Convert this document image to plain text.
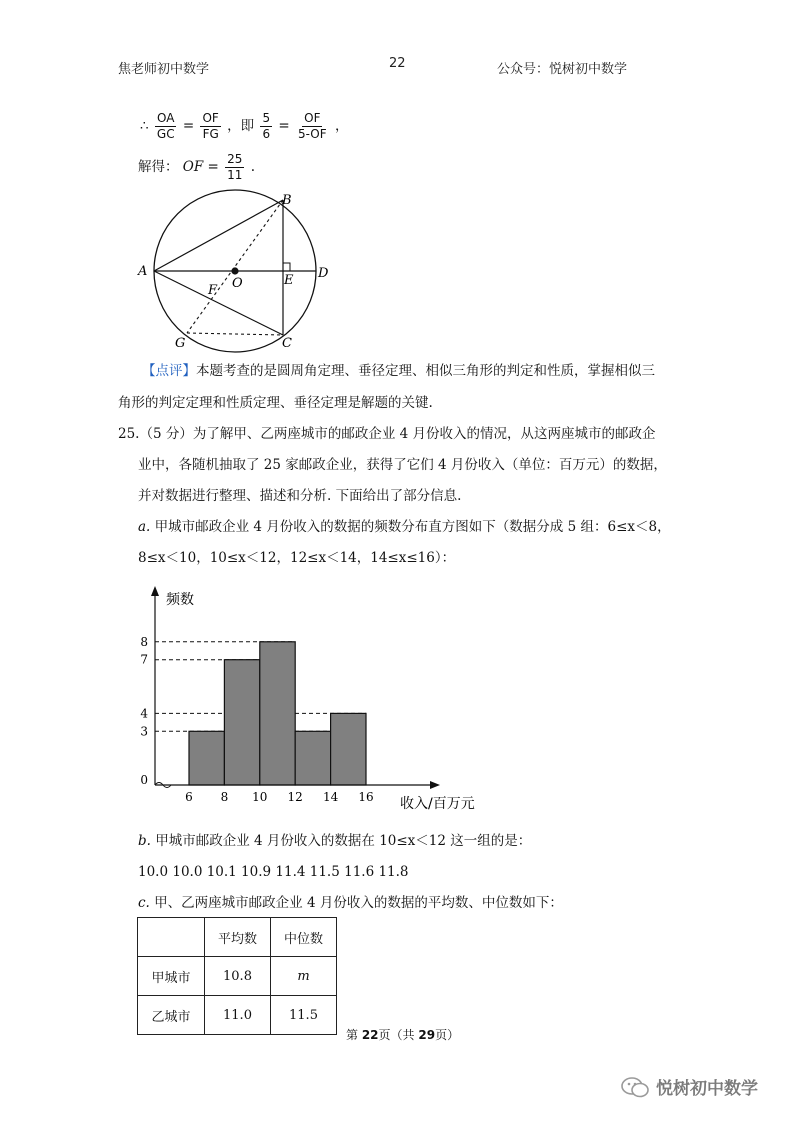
焦老师初中数学	22	公众号：悦树初中数学
∴ $\frac{OA}{GC} = \frac{OF}{FG}$ ，即 $\frac{5}{6} = \frac{OF}{5-OF}$ ，
解得： OF = $\frac{25}{11}$ .
A
B
O	E D
F
G	C
【点评】本题考查的是圆周角定理、垂径定理、相似三角形的判定和性质，掌握相似三
角形的判定定理和性质定理、垂径定理是解题的关键.
25.（5 分）为了解甲、乙两座城市的邮政企业 4 月份收入的情况，从这两座城市的邮政企
业中，各随机抽取了 25 家邮政企业，获得了它们 4 月份收入（单位：百万元）的数据，
并对数据进行整理、描述和分析. 下面给出了部分信息.
a. 甲城市邮政企业 4 月份收入的数据的频数分布直方图如下（数据分成 5 组：6≤x＜8，
8≤x＜10，10≤x＜12，12≤x＜14，14≤x≤16）：
频数
收入/百万元
6 8 10 12 14 16
0
3
4
7
8
b. 甲城市邮政企业 4 月份收入的数据在 10≤x＜12 这一组的是：
10.0 10.0 10.1 10.9 11.4 11.5 11.6 11.8
c. 甲、乙两座城市邮政企业 4 月份收入的数据的平均数、中位数如下：
	平均数	中位数
甲城市	10.8	m
乙城市	11.0	11.5
第 22页（共 29页）
悦树初中数学
